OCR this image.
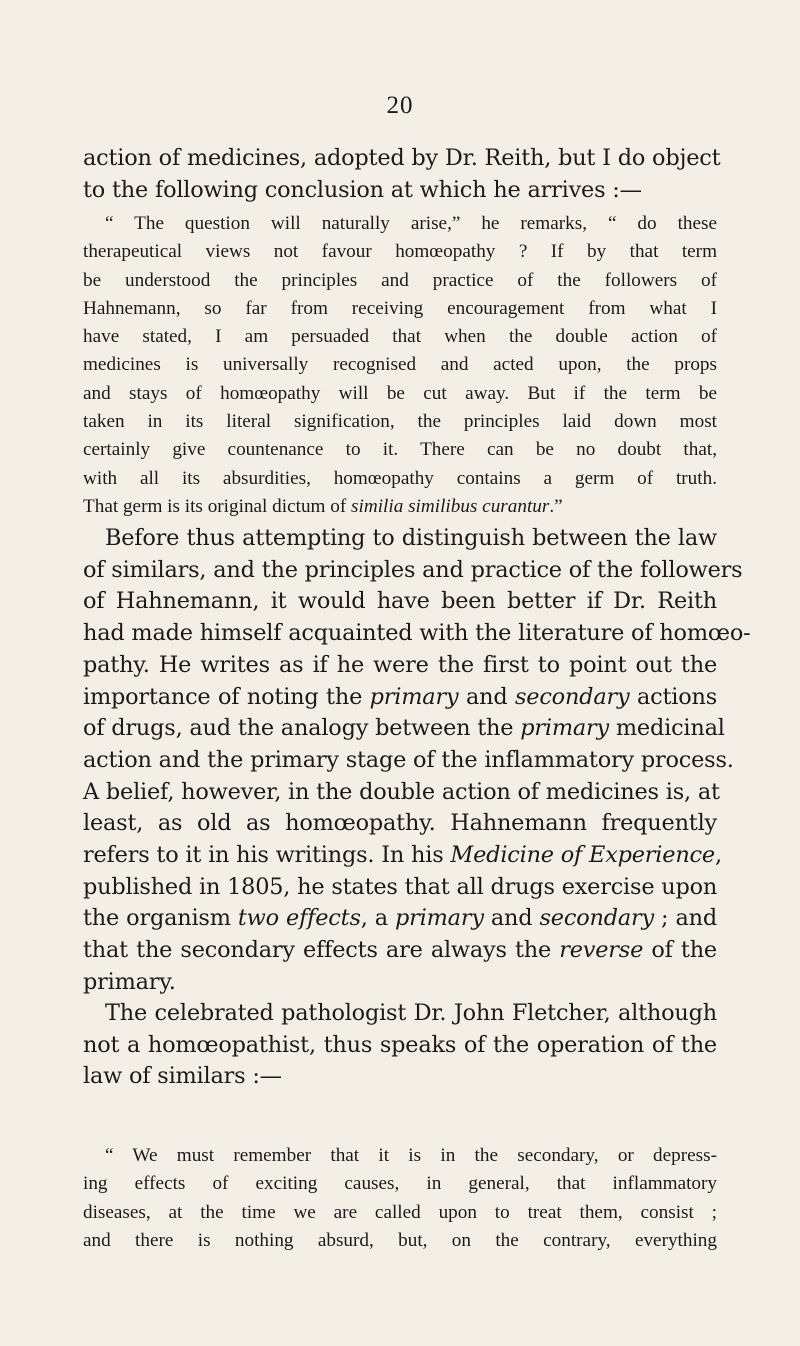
20
action of medicines, adopted by Dr. Reith, but I do object
to the following conclusion at which he arrives :—
“ The question will naturally arise,” he remarks, “ do these
therapeutical views not favour homœopathy ? If by that term
be understood the principles and practice of the followers of
Hahnemann, so far from receiving encouragement from what I
have stated, I am persuaded that when the double action of
medicines is universally recognised and acted upon, the props
and stays of homœopathy will be cut away. But if the term be
taken in its literal signification, the principles laid down most
certainly give countenance to it. There can be no doubt that,
with all its absurdities, homœopathy contains a germ of truth.
That germ is its original dictum of similia similibus curantur.”
Before thus attempting to distinguish between the law
of similars, and the principles and practice of the followers
of Hahnemann, it would have been better if Dr. Reith
had made himself acquainted with the literature of homœo-
pathy. He writes as if he were the first to point out the
importance of noting the primary and secondary actions
of drugs, aud the analogy between the primary medicinal
action and the primary stage of the inflammatory process.
A belief, however, in the double action of medicines is, at
least, as old as homœopathy. Hahnemann frequently
refers to it in his writings. In his Medicine of Experience,
published in 1805, he states that all drugs exercise upon
the organism two effects, a primary and secondary ; and
that the secondary effects are always the reverse of the
primary.
The celebrated pathologist Dr. John Fletcher, although
not a homœopathist, thus speaks of the operation of the
law of similars :—
“ We must remember that it is in the secondary, or depress-
ing effects of exciting causes, in general, that inflammatory
diseases, at the time we are called upon to treat them, consist ;
and there is nothing absurd, but, on the contrary, everything
